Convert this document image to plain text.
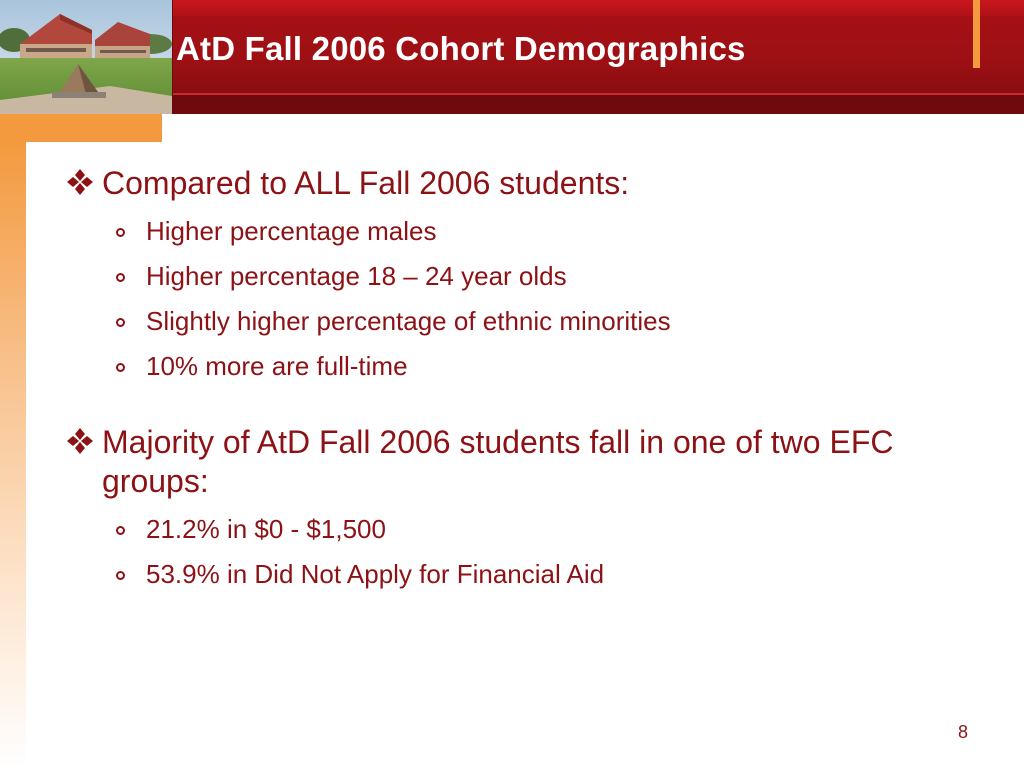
AtD Fall 2006 Cohort Demographics
Compared to ALL Fall 2006 students:
Higher percentage males
Higher percentage 18 – 24 year olds
Slightly higher percentage of ethnic minorities
10% more are full-time
Majority of AtD Fall 2006 students fall in one of two EFC groups:
21.2% in $0 - $1,500
53.9% in Did Not Apply for Financial Aid
8
